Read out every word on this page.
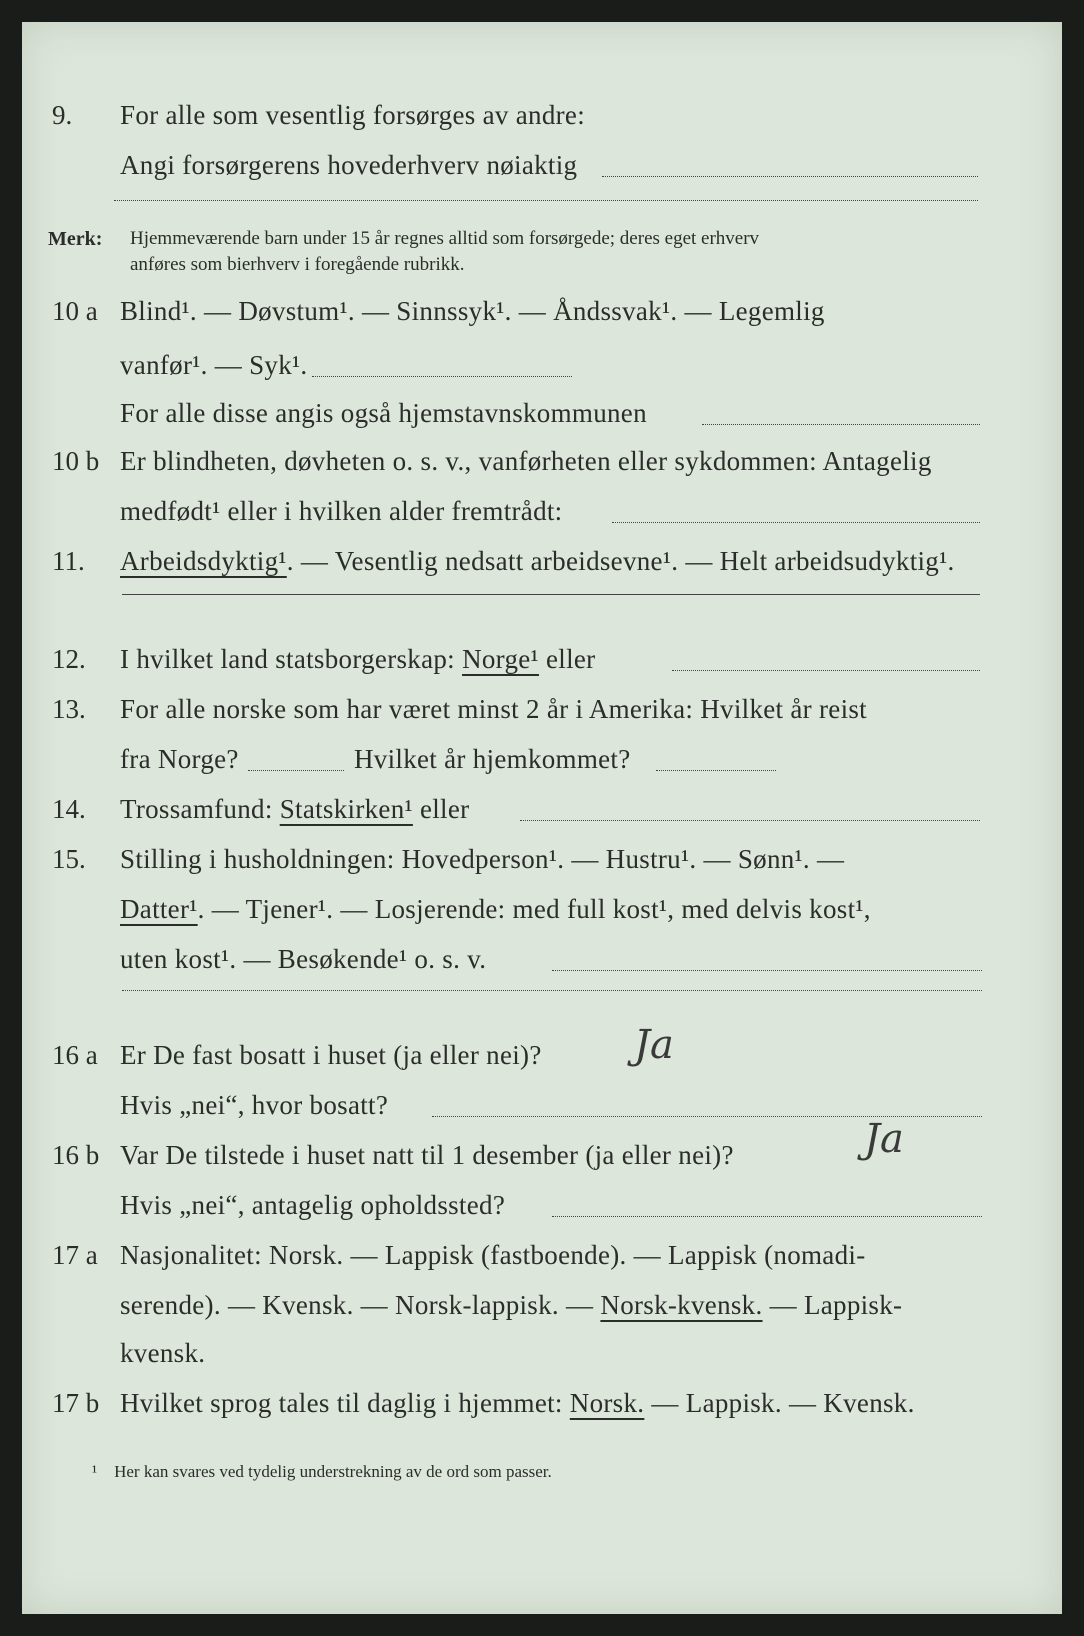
9. For alle som vesentlig forsørges av andre:
Angi forsørgerens hovederhverv nøiaktig
Merk: Hjemmeværende barn under 15 år regnes alltid som forsørgede; deres eget erhverv
anføres som bierhverv i foregående rubrikk.
10 a Blind¹. — Døvstum¹. — Sinnssyk¹. — Åndssvak¹. — Legemlig
vanfør¹. — Syk¹.
For alle disse angis også hjemstavnskommunen
10 b Er blindheten, døvheten o. s. v., vanførheten eller sykdommen: Antagelig
medfødt¹ eller i hvilken alder fremtrådt:
11. Arbeidsdyktig¹. — Vesentlig nedsatt arbeidsevne¹. — Helt arbeidsudyktig¹.
12. I hvilket land statsborgerskap: Norge¹ eller
13. For alle norske som har været minst 2 år i Amerika: Hvilket år reist
fra Norge?	Hvilket år hjemkommet?
14. Trossamfund: Statskirken¹ eller
15. Stilling i husholdningen: Hovedperson¹. — Hustru¹. — Sønn¹. —
Datter¹. — Tjener¹. — Losjerende: med full kost¹, med delvis kost¹,
uten kost¹. — Besøkende¹ o. s. v.
16 a Er De fast bosatt i huset (ja eller nei)? Ja
Hvis „nei“, hvor bosatt?
16 b Var De tilstede i huset natt til 1 desember (ja eller nei)?	Ja
Hvis „nei“, antagelig opholdssted?
17 a Nasjonalitet: Norsk. — Lappisk (fastboende). — Lappisk (nomadi-
serende). — Kvensk. — Norsk-lappisk. — Norsk-kvensk. — Lappisk-
kvensk.
17 b Hvilket sprog tales til daglig i hjemmet: Norsk. — Lappisk. — Kvensk.
¹ Her kan svares ved tydelig understrekning av de ord som passer.
